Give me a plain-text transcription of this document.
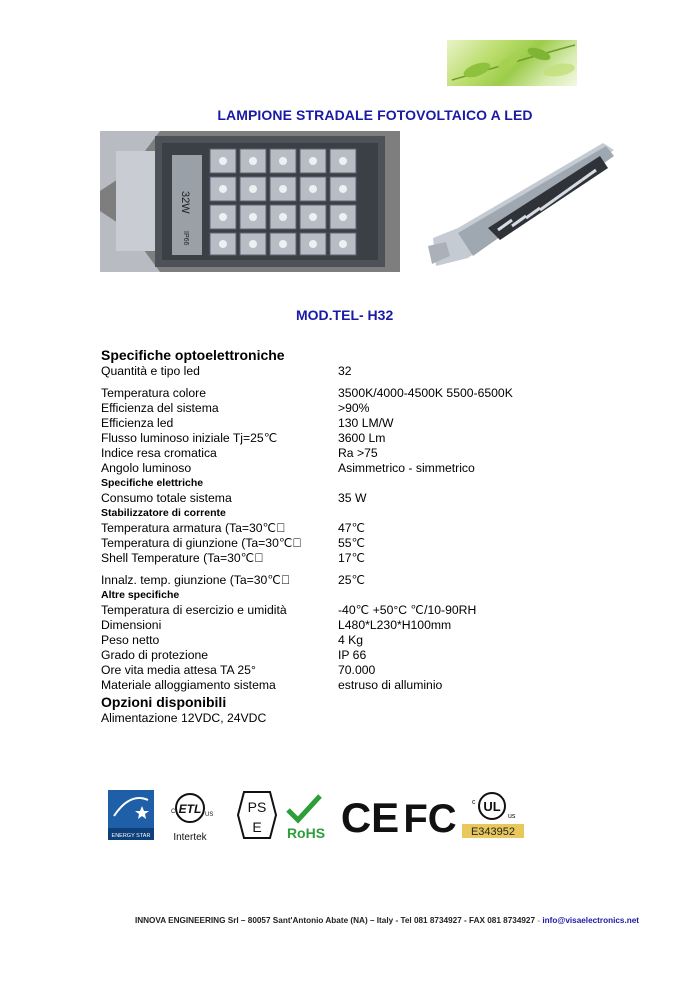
LAMPIONE STRADALE FOTOVOLTAICO A LED
32W
IP66
MOD.TEL- H32
Specifiche optoelettroniche
Quantità e tipo led	32
Temperatura colore	3500K/4000-4500K 5500-6500K
Efficienza del sistema	>90%
Efficienza led	130 LM/W
Flusso luminoso iniziale Tj=25℃	3600 Lm
Indice resa cromatica	Ra >75
Angolo luminoso	Asimmetrico - simmetrico
Specifiche elettriche
Consumo totale sistema	35 W
Stabilizzatore di corrente
Temperatura armatura (Ta=30℃	47℃
Temperatura di giunzione (Ta=30℃	55℃
Shell Temperature (Ta=30℃	17℃
Innalz. temp. giunzione (Ta=30℃	25℃
Altre specifiche
Temperatura di esercizio e umidità	-40℃ +50°C ℃/10-90RH
Dimensioni	L480*L230*H100mm
Peso netto	4 Kg
Grado di protezione	IP 66
Ore vita media attesa TA 25°	70.000
Materiale alloggiamento sistema	estruso di alluminio
Opzioni disponibili
Alimentazione 12VDC, 24VDC
ENERGY STAR
ETL
C	US
Intertek
PS
E RoHS CE FC UL
c
us
E343952
INNOVA ENGINEERING Srl – 80057 Sant'Antonio Abate (NA) – Italy - Tel 081 8734927 - FAX 081 8734927 - info@visaelectronics.net
